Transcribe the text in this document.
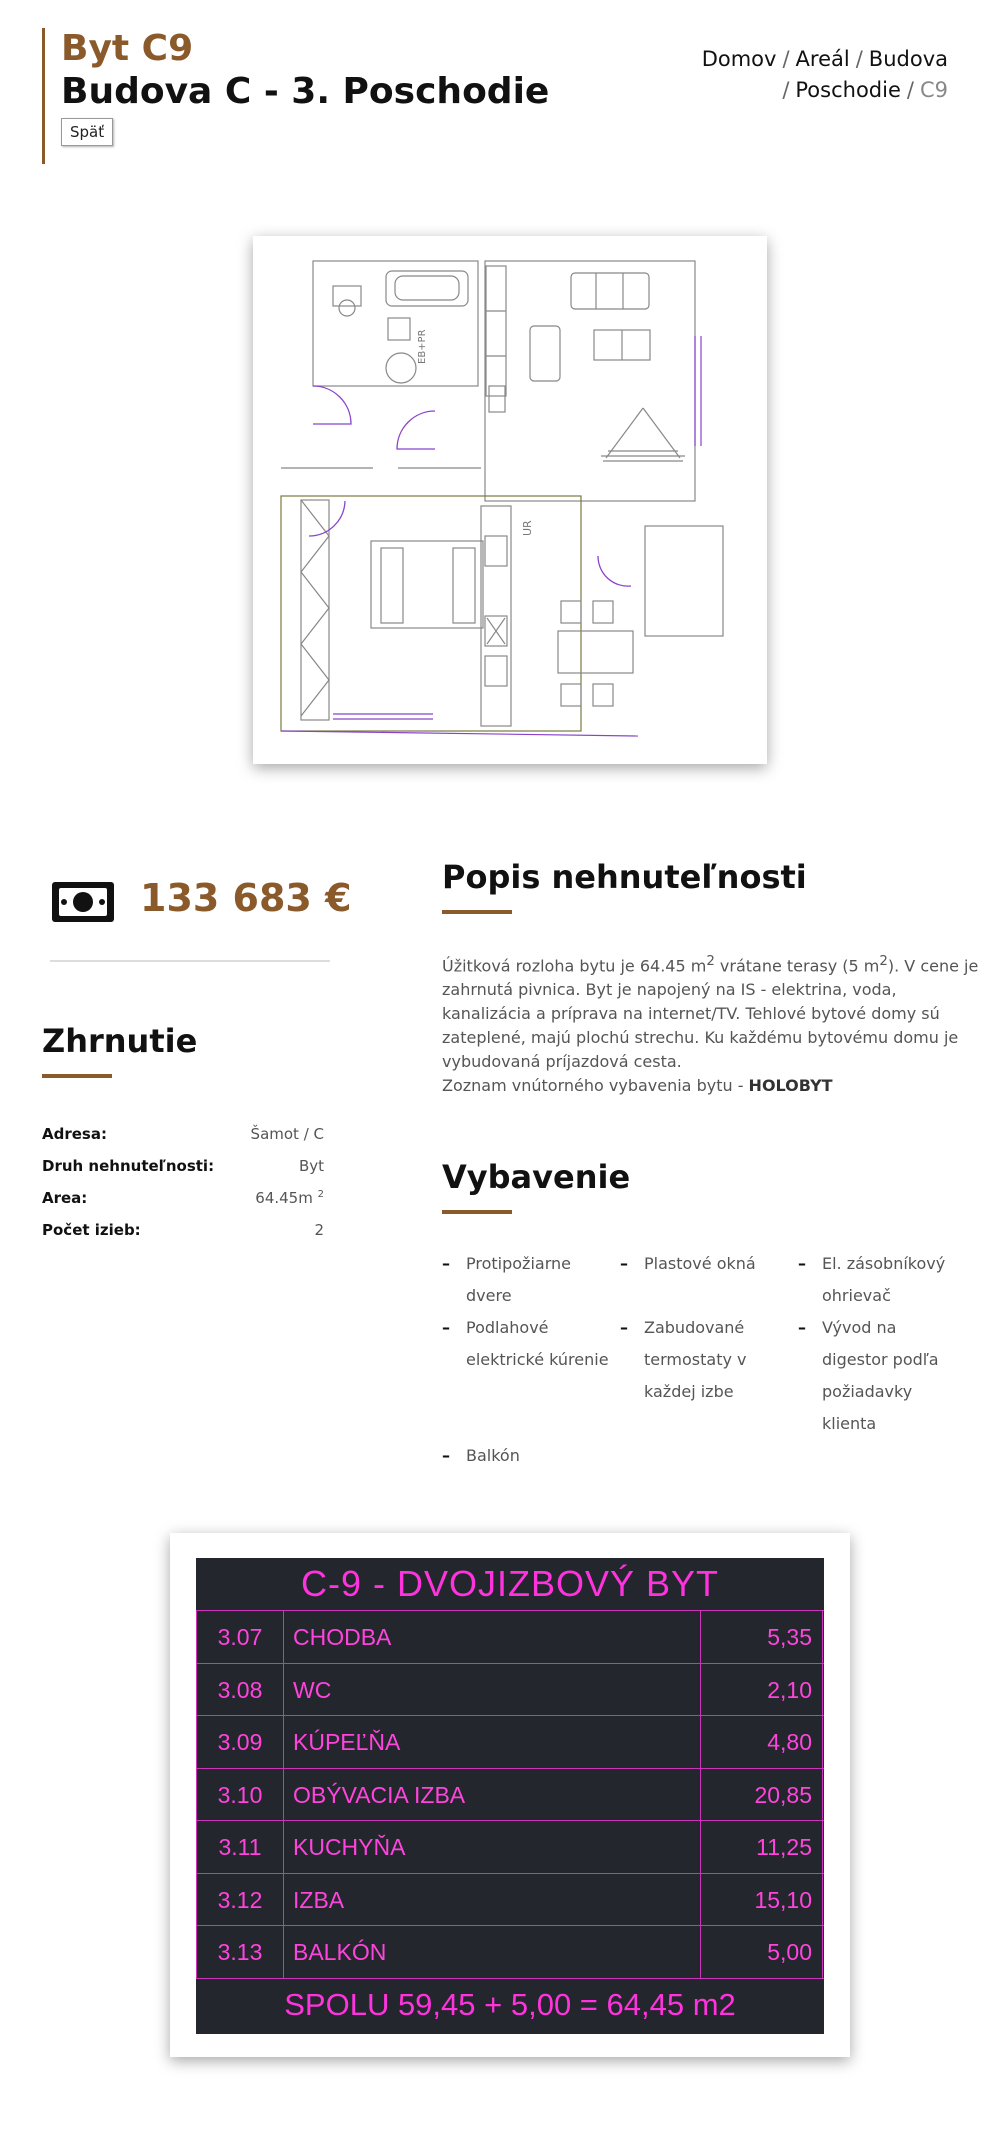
Byt C9
Budova C - 3. Poschodie
Späť
Domov / Areál / Budova
/ Poschodie / C9
EB+PR
UR
133 683 €
Zhrnutie
Adresa:	Šamot / C
Druh nehnuteľnosti:	Byt
Area:	64.45m $^2$
Počet izieb:	2
Popis nehnuteľnosti
Úžitková rozloha bytu je 64.45 $m^2$ vrátane terasy (5 $m^2$). V cene je zahrnutá pivnica. Byt je napojený na IS - elektrina, voda, kanalizácia a príprava na internet/TV. Tehlové bytové domy sú zateplené, majú plochú strechu. Ku každému bytovému domu je vybudovaná príjazdová cesta.
Zoznam vnútorného vybavenia bytu - HOLOBYT
Vybavenie
–	Protipožiarne dvere
–	Plastové okná	–	El. zásobníkový ohrievač
–	Podlahové elektrické kúrenie
–	Zabudované termostaty v každej izbe
–	Vývod na digestor podľa požiadavky klienta
–	Balkón
C-9 - DVOJIZBOVÝ BYT
3.07	CHODBA	5,35
3.08	WC	2,10
3.09	KÚPEĽŇA	4,80
3.10	OBÝVACIA IZBA	20,85
3.11	KUCHYŇA	11,25
3.12	IZBA	15,10
3.13	BALKÓN	5,00
SPOLU 59,45 + 5,00 = 64,45 m2
